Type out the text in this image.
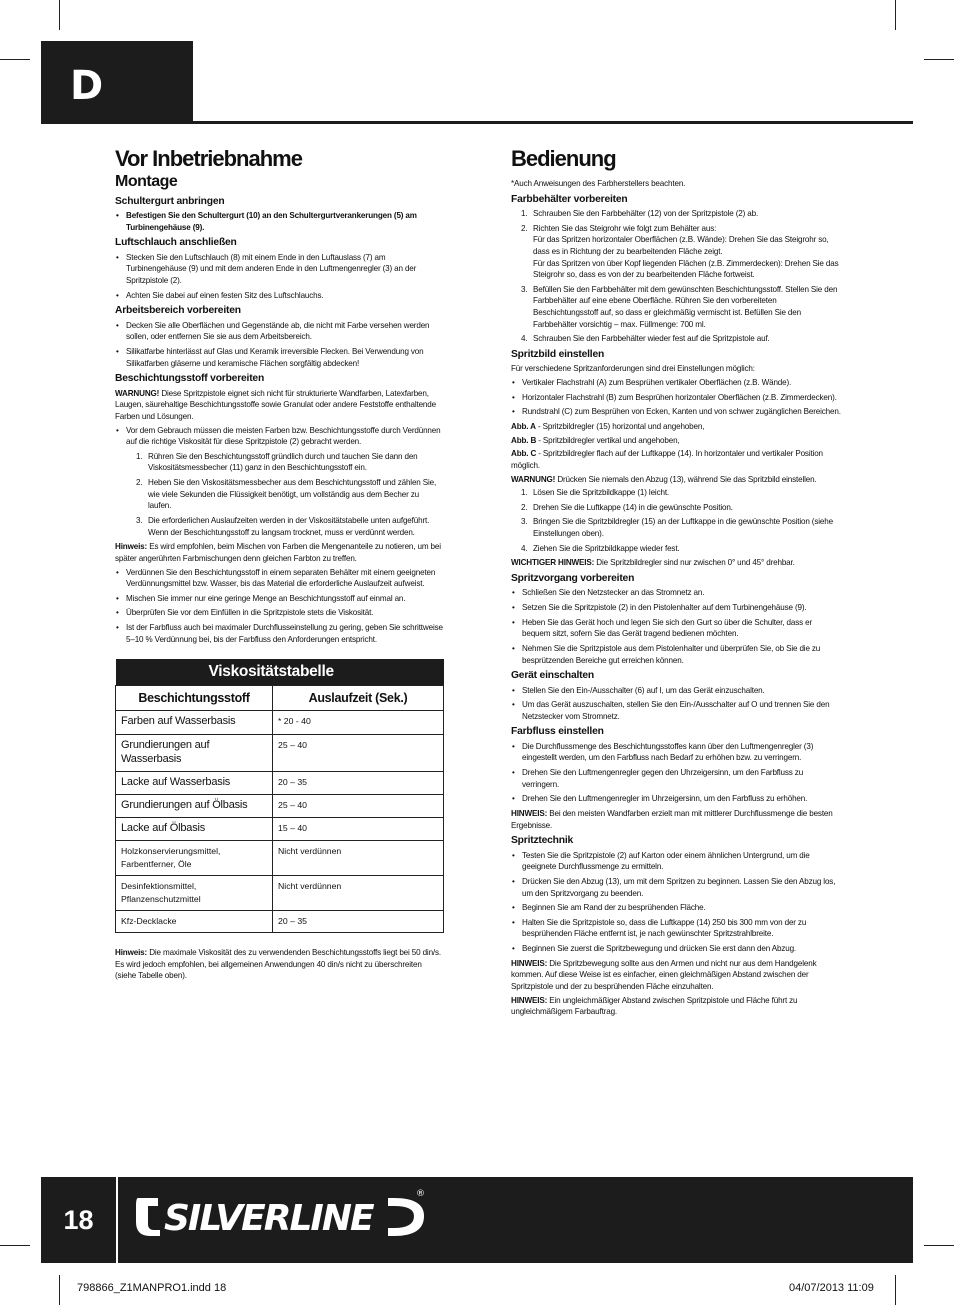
D
Vor Inbetriebnahme
Montage
Schultergurt anbringen
• Befestigen Sie den Schultergurt (10) an den Schultergurtverankerungen (5) am Turbinengehäuse (9).
Luftschlauch anschließen
• Stecken Sie den Luftschlauch (8) mit einem Ende in den Luftauslass (7) am Turbinengehäuse (9) und mit dem anderen Ende in den Luftmengenregler (3) an der Spritzpistole (2).
• Achten Sie dabei auf einen festen Sitz des Luftschlauchs.
Arbeitsbereich vorbereiten
• Decken Sie alle Oberflächen und Gegenstände ab, die nicht mit Farbe versehen werden sollen, oder entfernen Sie sie aus dem Arbeitsbereich.
• Silikatfarbe hinterlässt auf Glas und Keramik irreversible Flecken. Bei Verwendung von Silikatfarben gläserne und keramische Flächen sorgfältig abdecken!
Beschichtungsstoff vorbereiten
WARNUNG! Diese Spritzpistole eignet sich nicht für strukturierte Wandfarben, Latexfarben, Laugen, säurehaltige Beschichtungsstoffe sowie Granulat oder andere Feststoffe enthaltende Farben und Lösungen.
• Vor dem Gebrauch müssen die meisten Farben bzw. Beschichtungsstoffe durch Verdünnen auf die richtige Viskosität für diese Spritzpistole (2) gebracht werden.
1. Rühren Sie den Beschichtungsstoff gründlich durch und tauchen Sie dann den Viskositätsmessbecher (11) ganz in den Beschichtungsstoff ein.
2. Heben Sie den Viskositätsmessbecher aus dem Beschichtungsstoff und zählen Sie, wie viele Sekunden die Flüssigkeit benötigt, um vollständig aus dem Becher zu laufen.
3. Die erforderlichen Auslaufzeiten werden in der Viskositätstabelle unten aufgeführt. Wenn der Beschichtungsstoff zu langsam trocknet, muss er verdünnt werden.
Hinweis: Es wird empfohlen, beim Mischen von Farben die Mengenanteile zu notieren, um bei später angerührten Farbmischungen denn gleichen Farbton zu treffen.
• Verdünnen Sie den Beschichtungsstoff in einem separaten Behälter mit einem geeigneten Verdünnungsmittel bzw. Wasser, bis das Material die erforderliche Auslaufzeit aufweist.
• Mischen Sie immer nur eine geringe Menge an Beschichtungsstoff auf einmal an.
• Überprüfen Sie vor dem Einfüllen in die Spritzpistole stets die Viskosität.
• Ist der Farbfluss auch bei maximaler Durchflusseinstellung zu gering, geben Sie schrittweise 5–10 % Verdünnung bei, bis der Farbfluss den Anforderungen entspricht.
Viskositätstabelle	
Beschichtungsstoff	Auslaufzeit (Sek.)
Farben auf Wasserbasis	* 20 - 40
Grundierungen auf Wasserbasis	25 – 40
Lacke auf Wasserbasis	20 – 35
Grundierungen auf Ölbasis	25 – 40
Lacke auf Ölbasis	15 – 40
Holzkonservierungsmittel, Farbentferner, Öle	Nicht verdünnen
Desinfektionsmittel, Pflanzenschutzmittel	Nicht verdünnen
Kfz-Decklacke	20 – 35
Hinweis: Die maximale Viskosität des zu verwendenden Beschichtungsstoffs liegt bei 50 din/s. Es wird jedoch empfohlen, bei allgemeinen Anwendungen 40 din/s nicht zu überschreiten (siehe Tabelle oben).
Bedienung
*Auch Anweisungen des Farbherstellers beachten.
Farbbehälter vorbereiten
1. Schrauben Sie den Farbbehälter (12) von der Spritzpistole (2) ab.
2. Richten Sie das Steigrohr wie folgt zum Behälter aus:
Für das Spritzen horizontaler Oberflächen (z.B. Wände): Drehen Sie das Steigrohr so, dass es in Richtung der zu bearbeitenden Fläche zeigt.
Für das Spritzen von über Kopf liegenden Flächen (z.B. Zimmerdecken): Drehen Sie das Steigrohr so, dass es von der zu bearbeitenden Fläche fortweist.
3. Befüllen Sie den Farbbehälter mit dem gewünschten Beschichtungsstoff. Stellen Sie den Farbbehälter auf eine ebene Oberfläche. Rühren Sie den vorbereiteten Beschichtungsstoff auf, so dass er gleichmäßig vermischt ist. Befüllen Sie den Farbbehälter vorsichtig – max. Füllmenge: 700 ml.
4. Schrauben Sie den Farbbehälter wieder fest auf die Spritzpistole auf.
Spritzbild einstellen
Für verschiedene Spritzanforderungen sind drei Einstellungen möglich:
• Vertikaler Flachstrahl (A) zum Besprühen vertikaler Oberflächen (z.B. Wände).
• Horizontaler Flachstrahl (B) zum Besprühen horizontaler Oberflächen (z.B. Zimmerdecken).
• Rundstrahl (C) zum Besprühen von Ecken, Kanten und von schwer zugänglichen Bereichen.
Abb. A - Spritzbildregler (15) horizontal und angehoben,
Abb. B - Spritzbildregler vertikal und angehoben,
Abb. C - Spritzbildregler flach auf der Luftkappe (14). In horizontaler und vertikaler Position möglich.
WARNUNG! Drücken Sie niemals den Abzug (13), während Sie das Spritzbild einstellen.
1. Lösen Sie die Spritzbildkappe (1) leicht.
2. Drehen Sie die Luftkappe (14) in die gewünschte Position.
3. Bringen Sie die Spritzbildregler (15) an der Luftkappe in die gewünschte Position (siehe Einstellungen oben).
4. Ziehen Sie die Spritzbildkappe wieder fest.
WICHTIGER HINWEIS: Die Spritzbildregler sind nur zwischen 0° und 45° drehbar.
Spritzvorgang vorbereiten
• Schließen Sie den Netzstecker an das Stromnetz an.
• Setzen Sie die Spritzpistole (2) in den Pistolenhalter auf dem Turbinengehäuse (9).
• Heben Sie das Gerät hoch und legen Sie sich den Gurt so über die Schulter, dass er bequem sitzt, sofern Sie das Gerät tragend bedienen möchten.
• Nehmen Sie die Spritzpistole aus dem Pistolenhalter und überprüfen Sie, ob Sie die zu besprützenden Bereiche gut erreichen können.
Gerät einschalten
• Stellen Sie den Ein-/Ausschalter (6) auf I, um das Gerät einzuschalten.
• Um das Gerät auszuschalten, stellen Sie den Ein-/Ausschalter auf O und trennen Sie den Netzstecker vom Stromnetz.
Farbfluss einstellen
• Die Durchflussmenge des Beschichtungsstoffes kann über den Luftmengenregler (3) eingestellt werden, um den Farbfluss nach Bedarf zu erhöhen bzw. zu verringern.
• Drehen Sie den Luftmengenregler gegen den Uhrzeigersinn, um den Farbfluss zu verringern.
• Drehen Sie den Luftmengenregler im Uhrzeigersinn, um den Farbfluss zu erhöhen.
HINWEIS: Bei den meisten Wandfarben erzielt man mit mittlerer Durchflussmenge die besten Ergebnisse.
Spritztechnik
• Testen Sie die Spritzpistole (2) auf Karton oder einem ähnlichen Untergrund, um die geeignete Durchflussmenge zu ermitteln.
• Drücken Sie den Abzug (13), um mit dem Spritzen zu beginnen. Lassen Sie den Abzug los, um den Spritzvorgang zu beenden.
• Beginnen Sie am Rand der zu besprühenden Fläche.
• Halten Sie die Spritzpistole so, dass die Luftkappe (14) 250 bis 300 mm von der zu besprühenden Fläche entfernt ist, je nach gewünschter Spritzstrahlbreite.
• Beginnen Sie zuerst die Spritzbewegung und drücken Sie erst dann den Abzug.
HINWEIS: Die Spritzbewegung sollte aus den Armen und nicht nur aus dem Handgelenk kommen. Auf diese Weise ist es einfacher, einen gleichmäßigen Abstand zwischen der Spritzpistole und der zu besprühenden Fläche einzuhalten.
HINWEIS: Ein ungleichmäßiger Abstand zwischen Spritzpistole und Fläche führt zu ungleichmäßigem Farbauftrag.
18	SILVERLINE
®
798866_Z1MANPRO1.indd 18	04/07/2013 11:09
